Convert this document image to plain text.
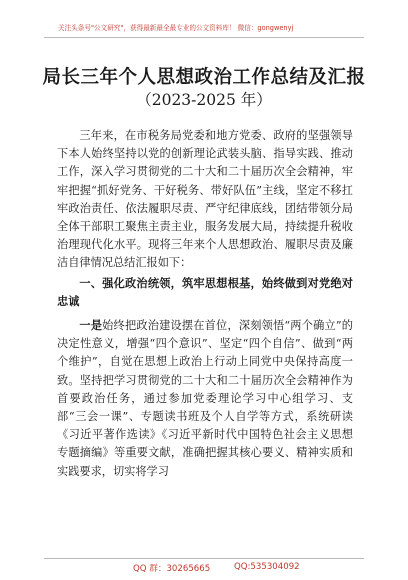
关注头条号"公文研究"，获得最新最全最专业的公文资料库！ 微信：gongwenyj
局长三年个人思想政治工作总结及汇报
（2023-2025 年）

三年来，在市税务局党委和地方党委、政府的坚强领导下本人始终坚持以党的创新理论武装头脑、指导实践、推动工作，深入学习贯彻党的二十大和二十届历次全会精神，牢牢把握“抓好党务、干好税务、带好队伍”主线，坚定不移扛牢政治责任、依法履职尽责、严守纪律底线，团结带领分局全体干部职工聚焦主责主业，服务发展大局，持续提升税收治理现代化水平。现将三年来个人思想政治、履职尽责及廉洁自律情况总结汇报如下：

一、强化政治统领，筑牢思想根基，始终做到对党绝对忠诚

一是始终把政治建设摆在首位，深刻领悟“两个确立”的决定性意义，增强“四个意识”、坚定“四个自信”、做到“两个维护”，自觉在思想上政治上行动上同党中央保持高度一致。坚持把学习贯彻党的二十大和二十届历次全会精神作为首要政治任务，通过参加党委理论学习中心组学习、支部“三会一课”、专题读书班及个人自学等方式，系统研读《习近平著作选读》《习近平新时代中国特色社会主义思想专题摘编》等重要文献，准确把握其核心要义、精神实质和实践要求，切实将学习

QQ 群：30265665	QQ:535304092
